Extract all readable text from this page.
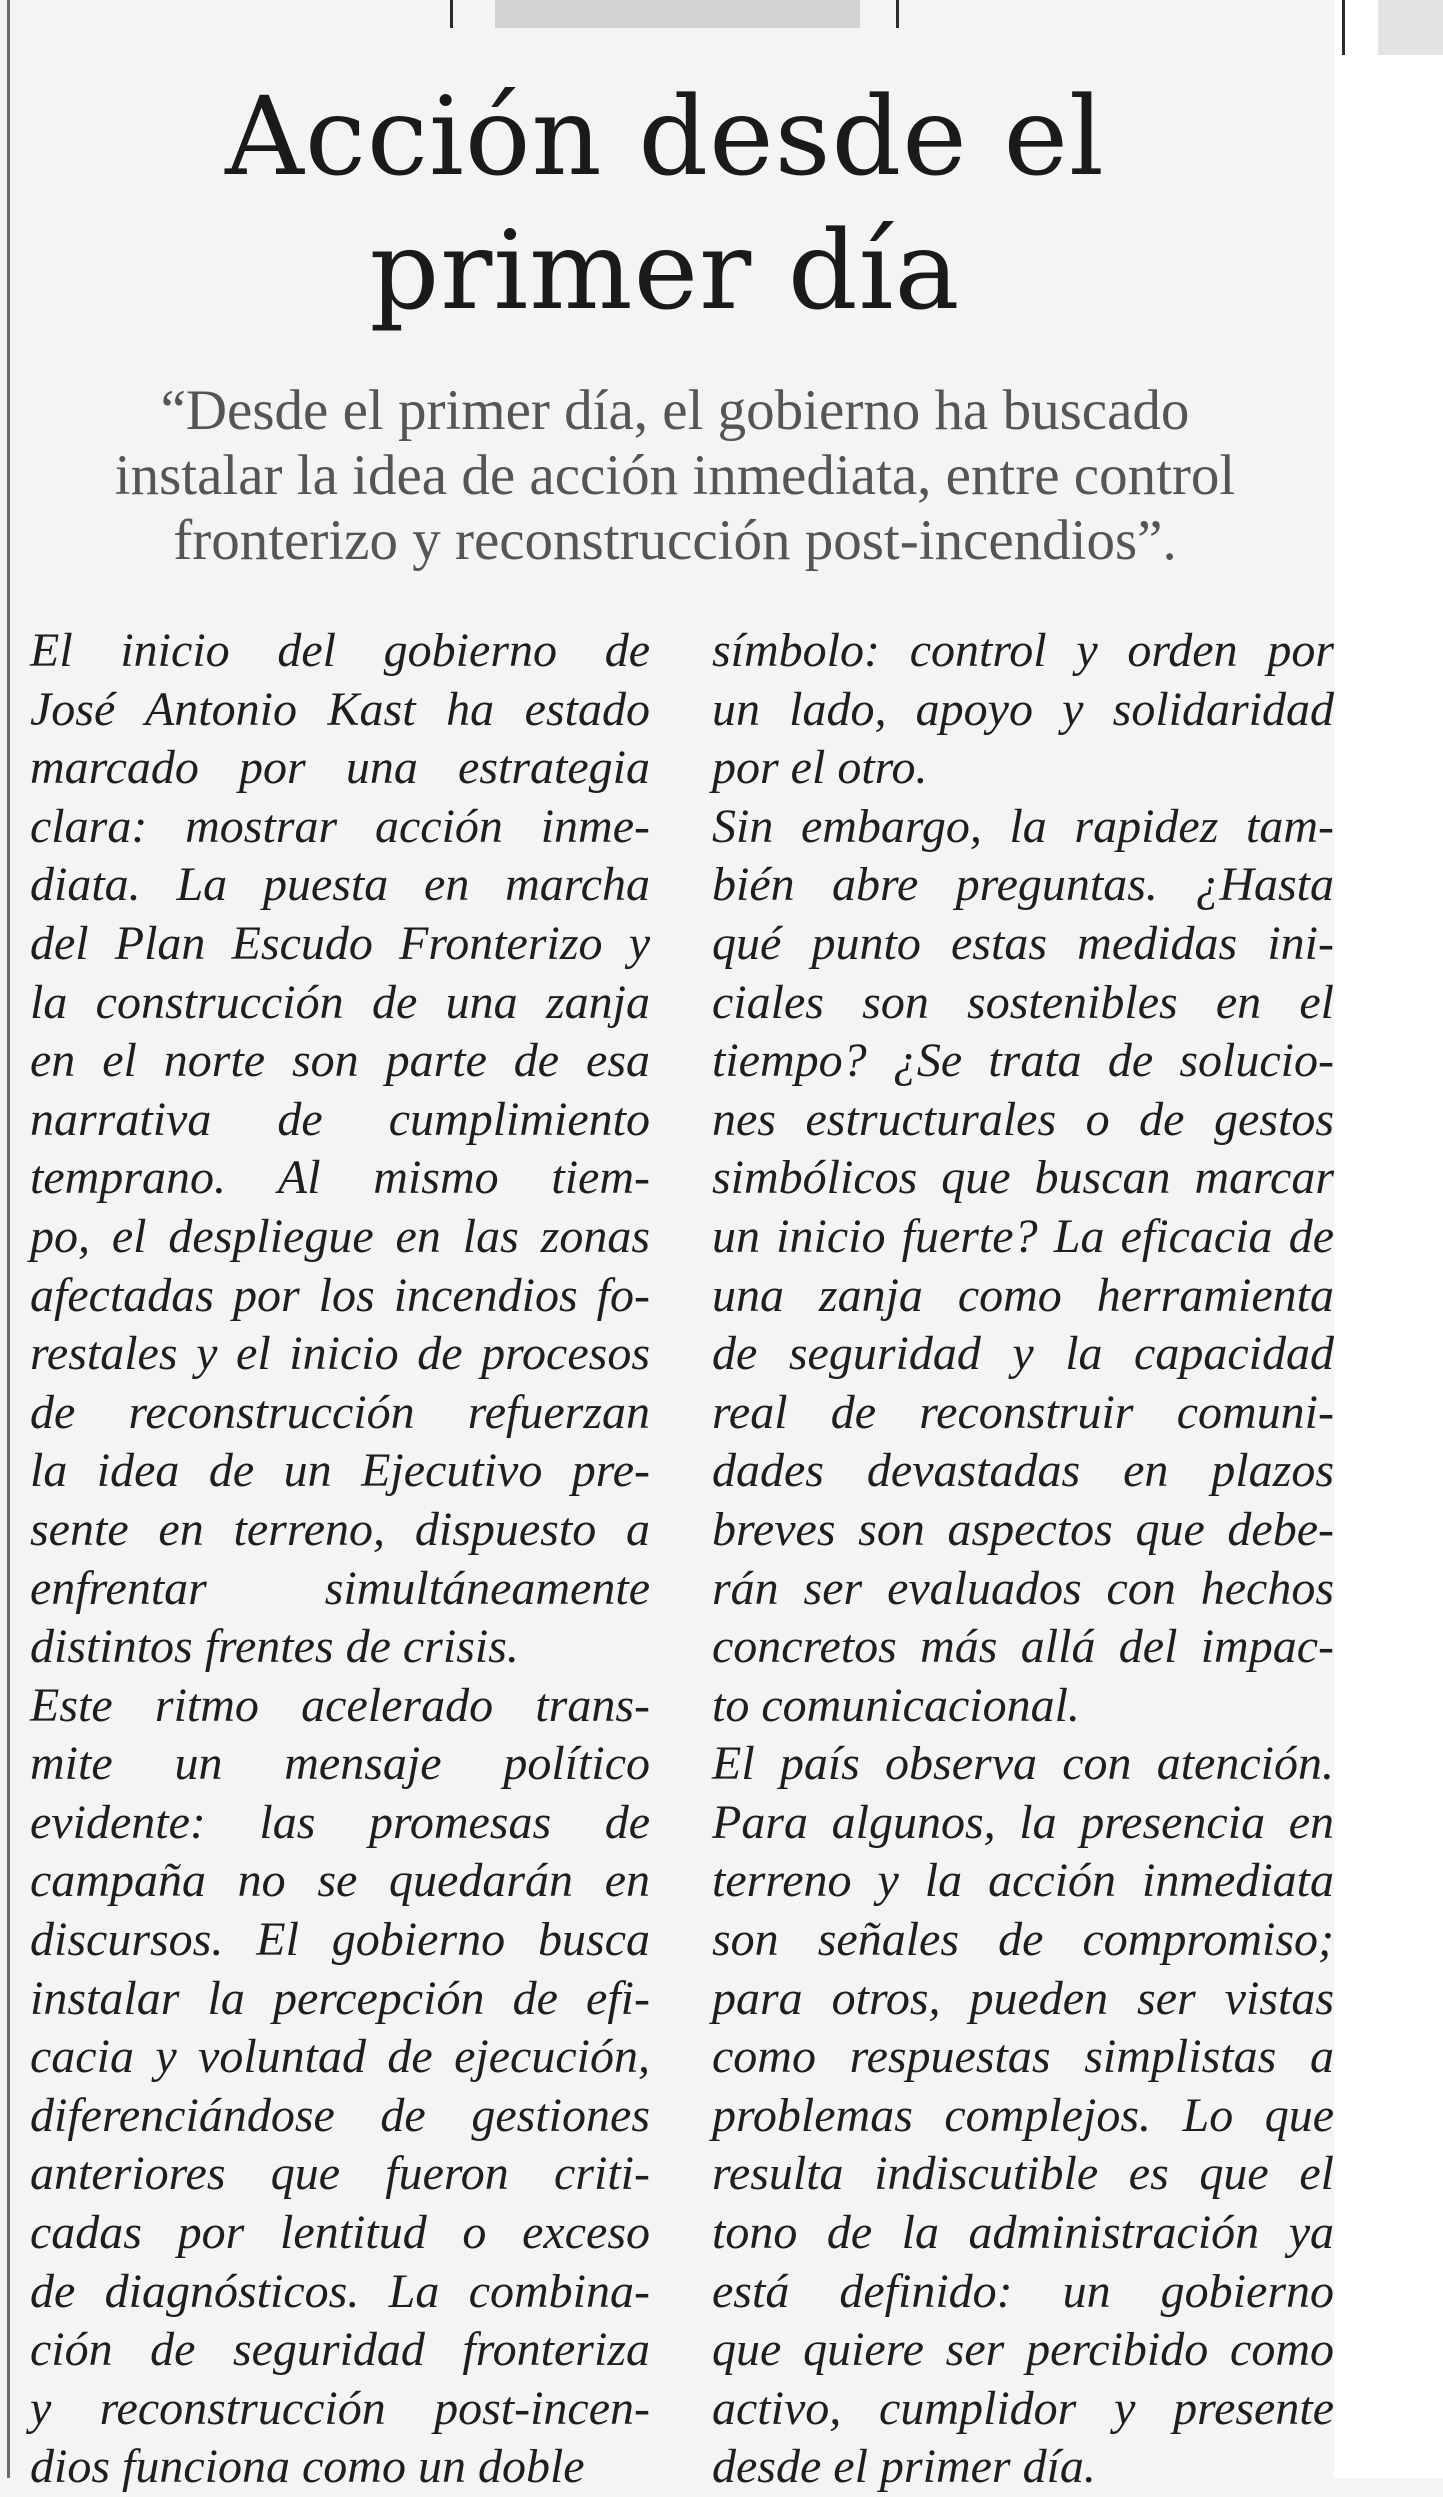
Acción desde el
primer día

“Desde el primer día, el gobierno ha buscado
instalar la idea de acción inmediata, entre control
fronterizo y reconstrucción post-incendios”.

El inicio del gobierno de
José Antonio Kast ha estado
marcado por una estrategia
clara: mostrar acción inme-
diata. La puesta en marcha
del Plan Escudo Fronterizo y
la construcción de una zanja
en el norte son parte de esa
narrativa de cumplimiento
temprano. Al mismo tiem-
po, el despliegue en las zonas
afectadas por los incendios fo-
restales y el inicio de procesos
de reconstrucción refuerzan
la idea de un Ejecutivo pre-
sente en terreno, dispuesto a
enfrentar simultáneamente
distintos frentes de crisis.
Este ritmo acelerado trans-
mite un mensaje político
evidente: las promesas de
campaña no se quedarán en
discursos. El gobierno busca
instalar la percepción de efi-
cacia y voluntad de ejecución,
diferenciándose de gestiones
anteriores que fueron criti-
cadas por lentitud o exceso
de diagnósticos. La combina-
ción de seguridad fronteriza
y reconstrucción post-incen-
dios funciona como un doble
símbolo: control y orden por
un lado, apoyo y solidaridad
por el otro.
Sin embargo, la rapidez tam-
bién abre preguntas. ¿Hasta
qué punto estas medidas ini-
ciales son sostenibles en el
tiempo? ¿Se trata de solucio-
nes estructurales o de gestos
simbólicos que buscan marcar
un inicio fuerte? La eficacia de
una zanja como herramienta
de seguridad y la capacidad
real de reconstruir comuni-
dades devastadas en plazos
breves son aspectos que debe-
rán ser evaluados con hechos
concretos más allá del impac-
to comunicacional.
El país observa con atención.
Para algunos, la presencia en
terreno y la acción inmediata
son señales de compromiso;
para otros, pueden ser vistas
como respuestas simplistas a
problemas complejos. Lo que
resulta indiscutible es que el
tono de la administración ya
está definido: un gobierno
que quiere ser percibido como
activo, cumplidor y presente
desde el primer día.
